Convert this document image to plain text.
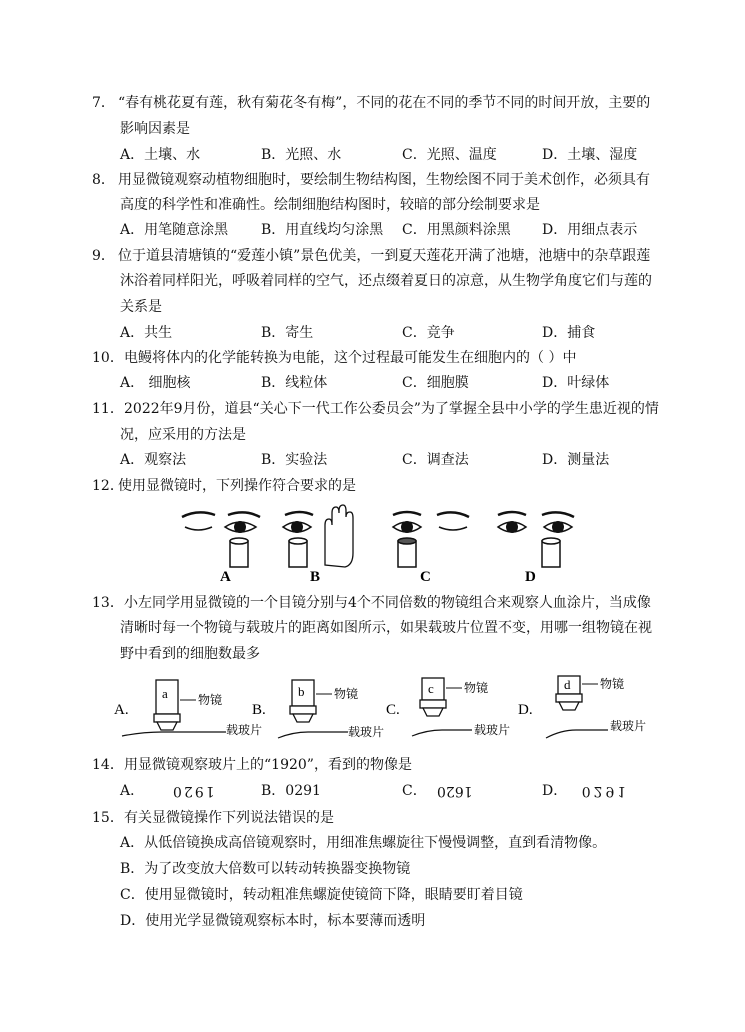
7． “春有桃花夏有莲，秋有菊花冬有梅”，不同的花在不同的季节不同的时间开放，主要的
影响因素是
A．土壤、水	B．光照、水	C．光照、温度	D．土壤、湿度
8． 用显微镜观察动植物细胞时，要绘制生物结构图，生物绘图不同于美术创作，必须具有
高度的科学性和准确性。绘制细胞结构图时，较暗的部分绘制要求是
A．用笔随意涂黑 B．用直线均匀涂黑 C．用黑颜料涂黑 D．用细点表示
9． 位于道县清塘镇的“爱莲小镇”景色优美，一到夏天莲花开满了池塘，池塘中的杂草跟莲
沐浴着同样阳光，呼吸着同样的空气，还点缀着夏日的凉意，从生物学角度它们与莲的
关系是
A．共生	B．寄生	C．竞争	D．捕食
10． 电鳗将体内的化学能转换为电能，这个过程最可能发生在细胞内的（ ）中
A． 细胞核	B．线粒体	C．细胞膜	D．叶绿体
11． 2022年9月份，道县“关心下一代工作公委员会”为了掌握全县中小学的学生患近视的情
况，应采用的方法是
A．观察法	B．实验法	C．调查法	D．测量法
12．
使用显微镜时，下列操作符合要求的是
A	B	C	D
13． 小左同学用显微镜的一个目镜分别与4个不同倍数的物镜组合来观察人血涂片，当成像
清晰时每一个物镜与载玻片的距离如图所示，如果载玻片位置不变，用哪一组物镜在视
野中看到的细胞数最多
A.
a	物镜
载玻片
B.
b 物镜
载玻片
C.
c	物镜
载玻片
D.
d 物镜
载玻片
14． 用显微镜观察玻片上的“1920”，看到的物像是
A． 1920	B．0291	C． 1620	D． 0291
15． 有关显微镜操作下列说法错误的是
A．从低倍镜换成高倍镜观察时，用细准焦螺旋往下慢慢调整，直到看清物像。
B．为了改变放大倍数可以转动转换器变换物镜
C．使用显微镜时，转动粗准焦螺旋使镜筒下降，眼睛要盯着目镜
D．使用光学显微镜观察标本时，标本要薄而透明
